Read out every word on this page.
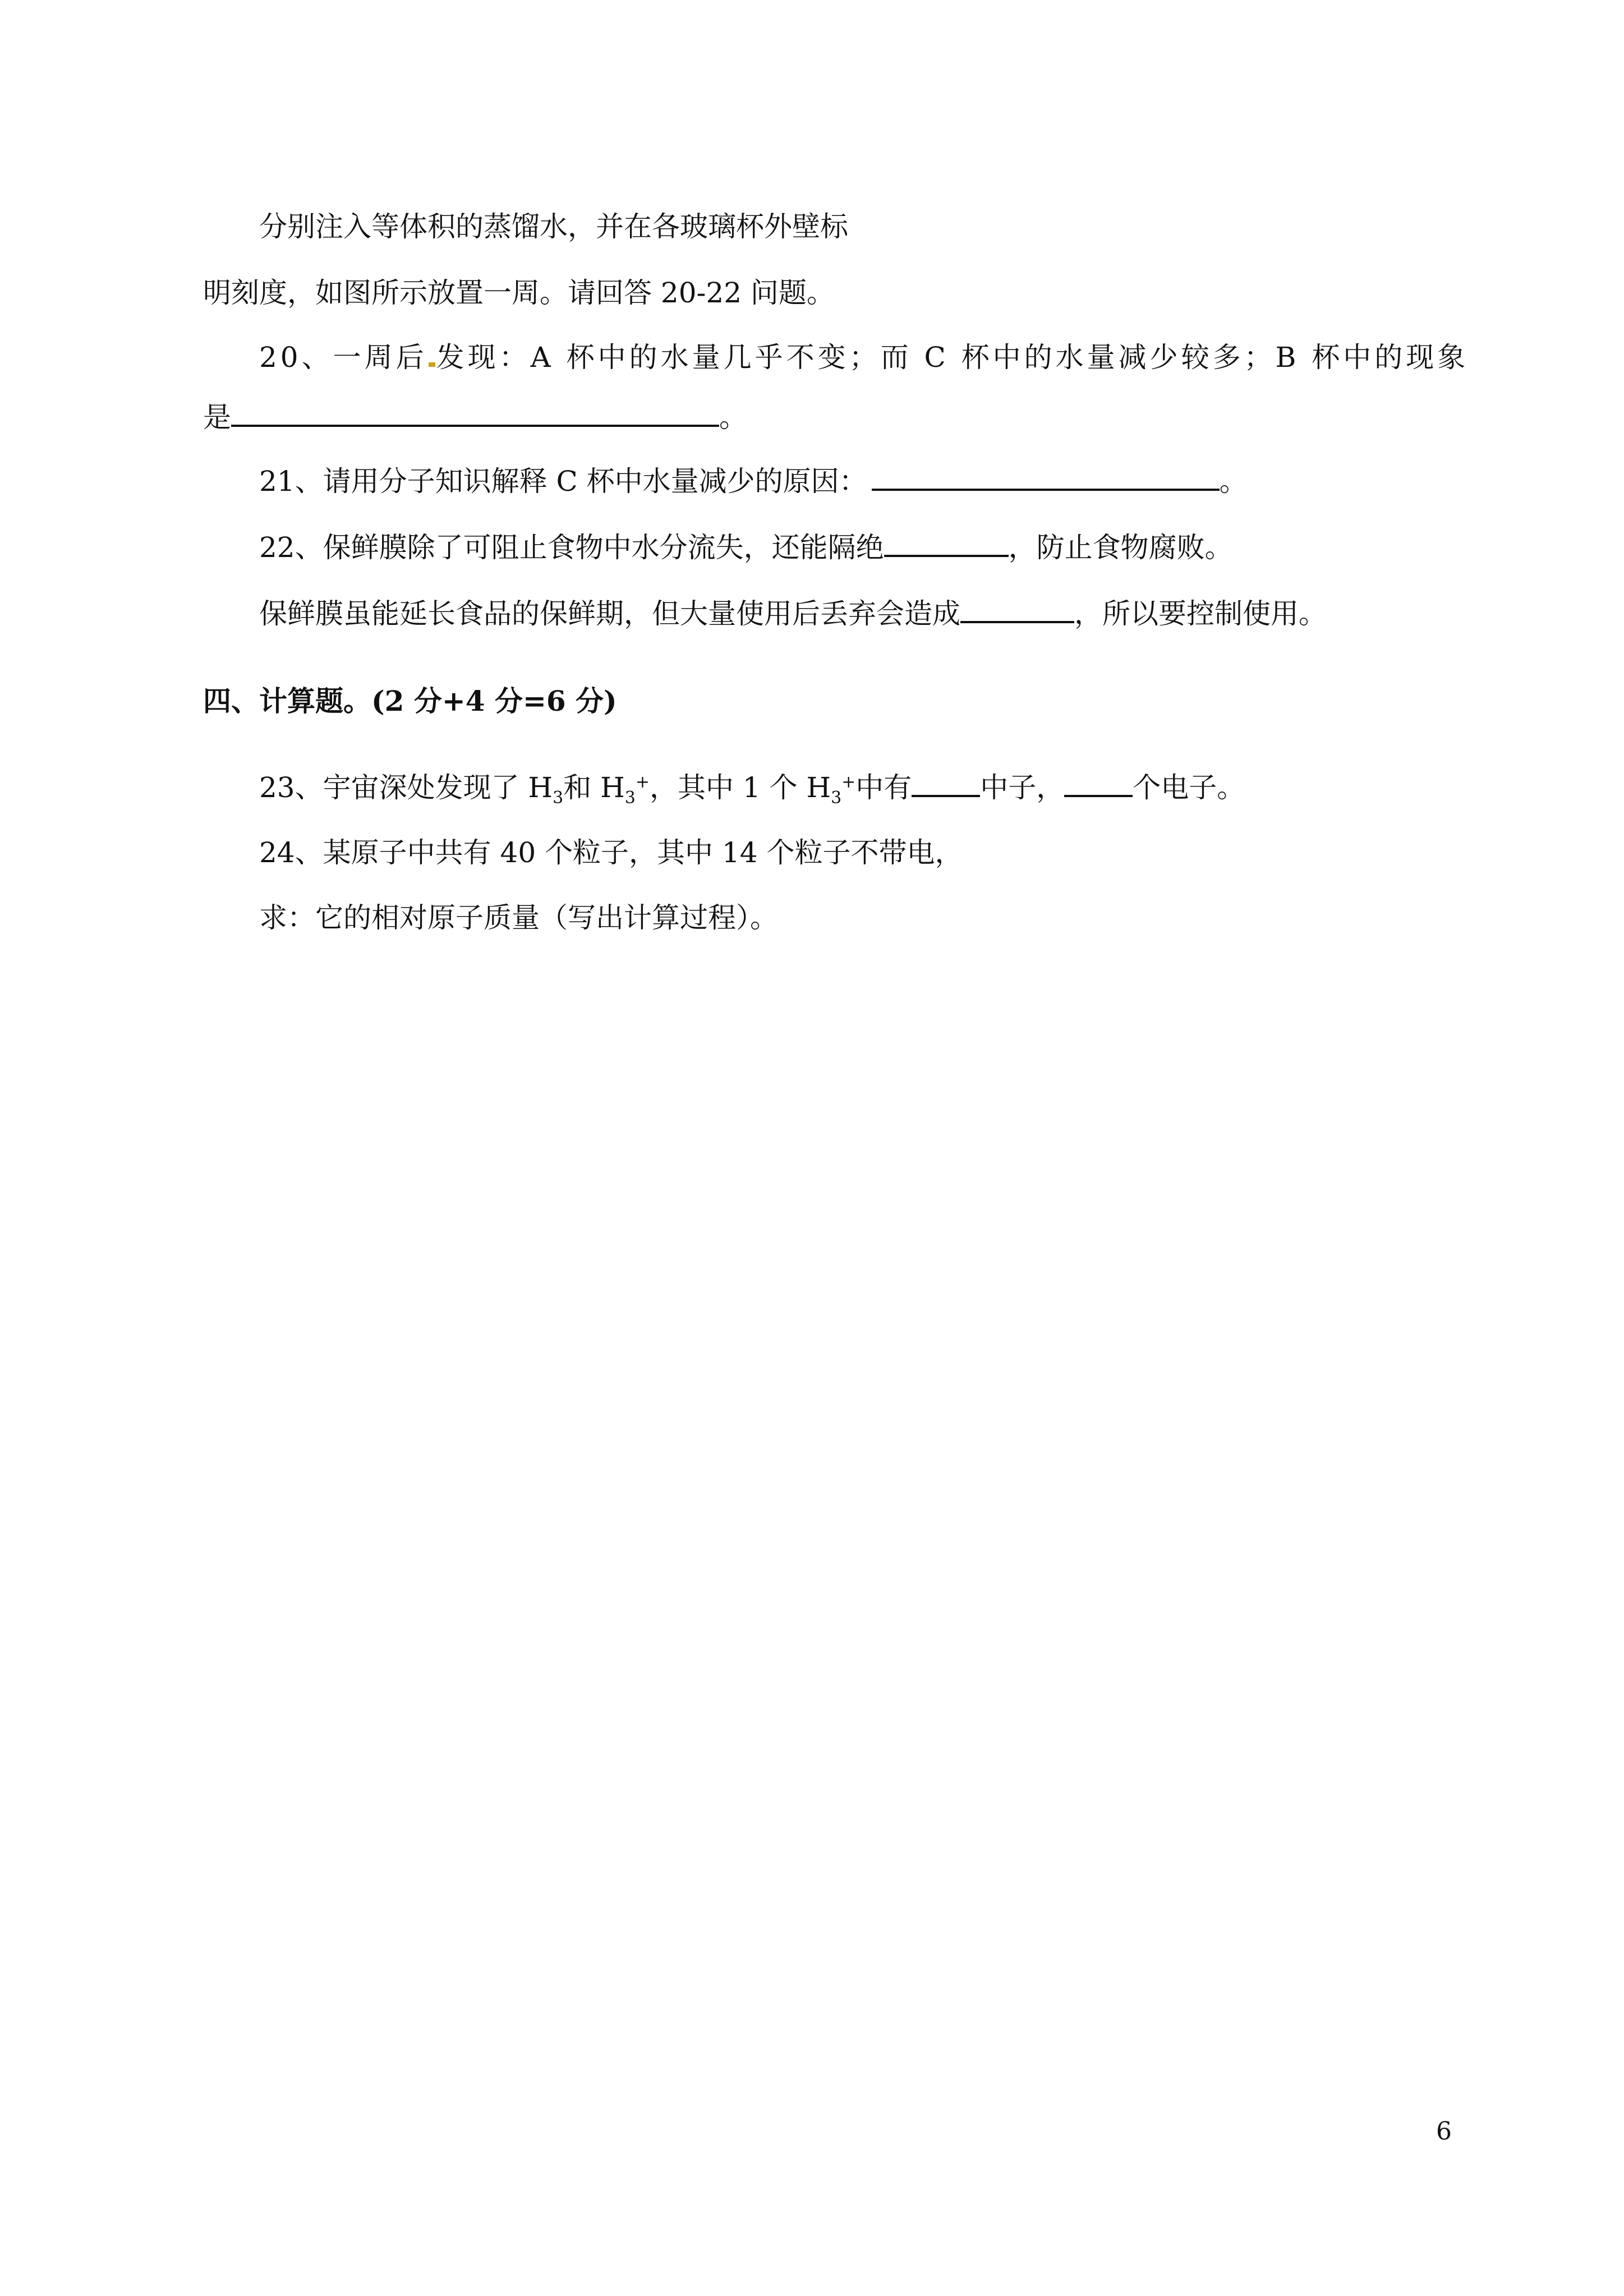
分别注入等体积的蒸馏水，并在各玻璃杯外壁标
明刻度，如图所示放置一周。请回答 20-22 问题。
20、一周后 发现：A 杯中的水量几乎不变；而 C 杯中的水量减少较多；B 杯中的现象
是	。
21、请用分子知识解释 C 杯中水量减少的原因：	。
22、保鲜膜除了可阻止食物中水分流失，还能隔绝	，防止食物腐败。
保鲜膜虽能延长食品的保鲜期，但大量使用后丢弃会造成	，所以要控制使用。
四、计算题。(2 分+4 分=6 分)
23、宇宙深处发现了 $H_3$和 $H_3^+$，其中 1 个 $H_3^+$中有 中子， 个电子。
24、某原子中共有 40 个粒子，其中 14 个粒子不带电，
求：它的相对原子质量（写出计算过程）。
6
